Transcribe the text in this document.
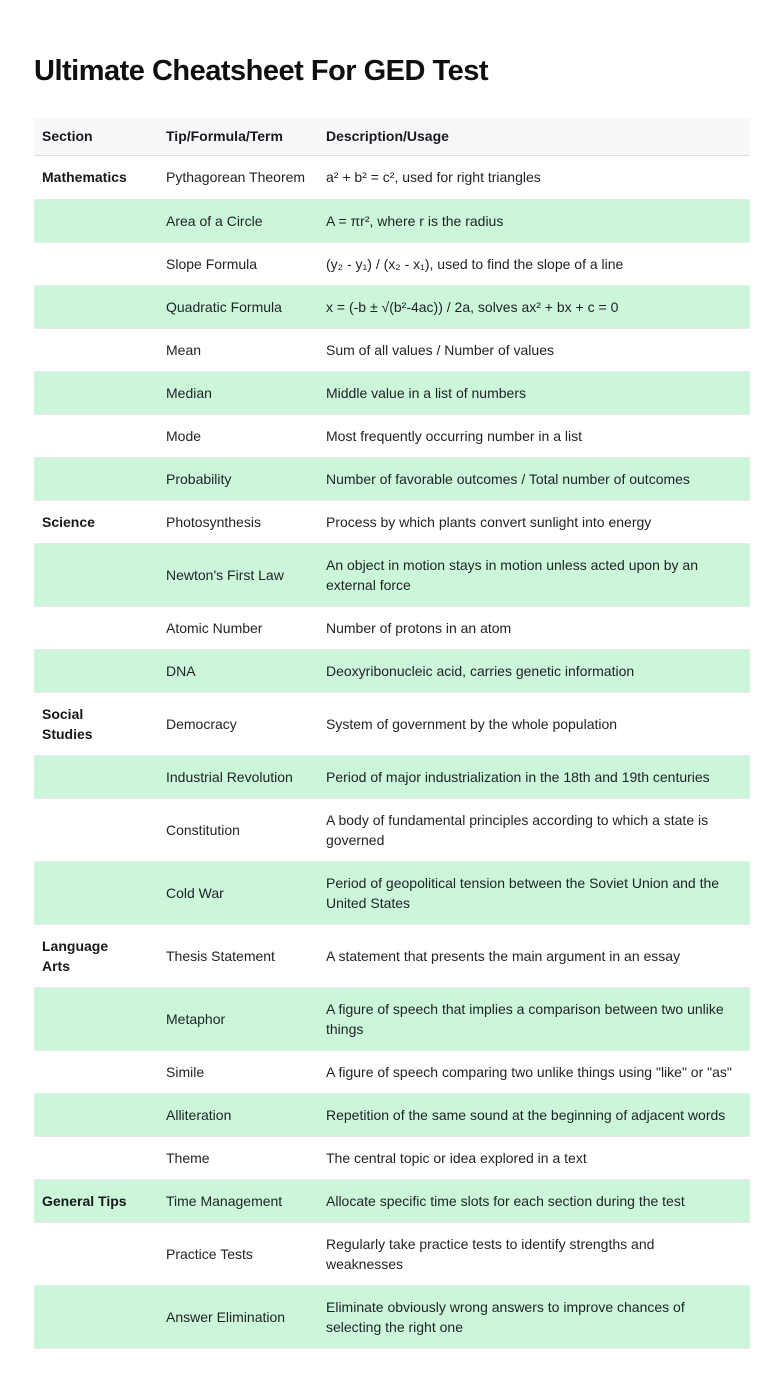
Ultimate Cheatsheet For GED Test
Section	Tip/Formula/Term	Description/Usage
Mathematics	Pythagorean Theorem	a² + b² = c², used for right triangles
	Area of a Circle	A = πr², where r is the radius
	Slope Formula	(y₂ - y₁) / (x₂ - x₁), used to find the slope of a line
	Quadratic Formula	x = (-b ± √(b²-4ac)) / 2a, solves ax² + bx + c = 0
	Mean	Sum of all values / Number of values
	Median	Middle value in a list of numbers
	Mode	Most frequently occurring number in a list
	Probability	Number of favorable outcomes / Total number of outcomes
Science	Photosynthesis	Process by which plants convert sunlight into energy
	Newton's First Law	An object in motion stays in motion unless acted upon by an external force
	Atomic Number	Number of protons in an atom
	DNA	Deoxyribonucleic acid, carries genetic information
Social Studies	Democracy	System of government by the whole population
	Industrial Revolution	Period of major industrialization in the 18th and 19th centuries
	Constitution	A body of fundamental principles according to which a state is governed
	Cold War	Period of geopolitical tension between the Soviet Union and the United States
Language Arts	Thesis Statement	A statement that presents the main argument in an essay
	Metaphor	A figure of speech that implies a comparison between two unlike things
	Simile	A figure of speech comparing two unlike things using "like" or "as"
	Alliteration	Repetition of the same sound at the beginning of adjacent words
	Theme	The central topic or idea explored in a text
General Tips	Time Management	Allocate specific time slots for each section during the test
	Practice Tests	Regularly take practice tests to identify strengths and weaknesses
	Answer Elimination	Eliminate obviously wrong answers to improve chances of selecting the right one
